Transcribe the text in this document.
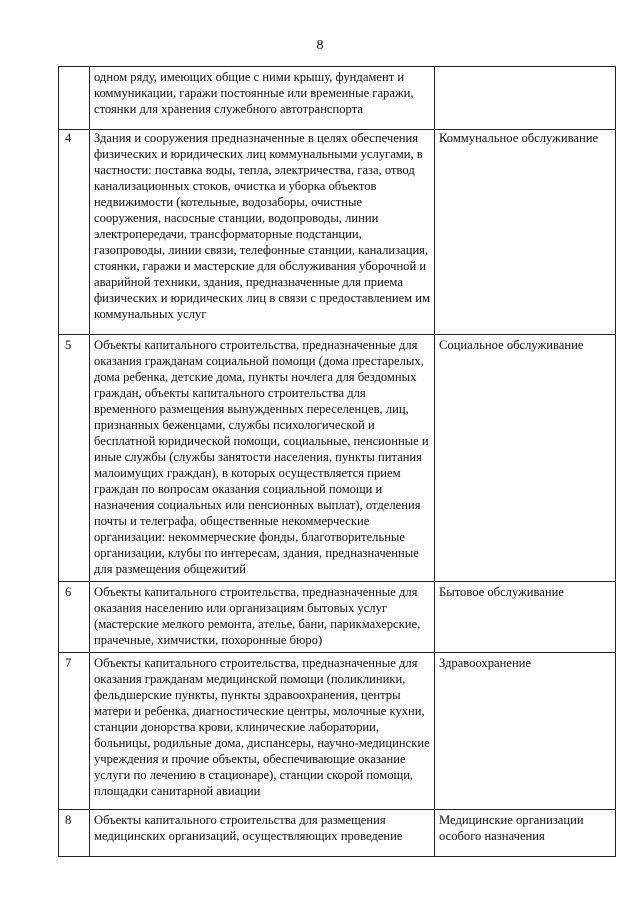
8
	одном ряду, имеющих общие с ними крышу, фундамент и коммуникации, гаражи постоянные или временные гаражи, стоянки для хранения служебного автотранспорта	
4	Здания и сооружения предназначенные в целях обеспечения физических и юридических лиц коммунальными услугами, в частности: поставка воды, тепла, электричества, газа, отвод канализационных стоков, очистка и уборка объектов недвижимости (котельные, водозаборы, очистные сооружения, насосные станции, водопроводы, линии электропередачи, трансформаторные подстанции, газопроводы, линии связи, телефонные станции, канализация, стоянки, гаражи и мастерские для обслуживания уборочной и аварийной техники, здания, предназначенные для приема физических и юридических лиц в связи с предоставлением им коммунальных услуг	Коммунальное обслуживание
5	Объекты капитального строительства, предназначенные для оказания гражданам социальной помощи (дома престарелых, дома ребенка, детские дома, пункты ночлега для бездомных граждан, объекты капитального строительства для временного размещения вынужденных переселенцев, лиц, признанных беженцами, службы психологической и бесплатной юридической помощи, социальные, пенсионные и иные службы (службы занятости населения, пункты питания малоимущих граждан), в которых осуществляется прием граждан по вопросам оказания социальной помощи и назначения социальных или пенсионных выплат), отделения почты и телеграфа, общественные некоммерческие организации: некоммерческие фонды, благотворительные организации, клубы по интересам, здания, предназначенные для размещения общежитий	Социальное обслуживание
6	Объекты капитального строительства, предназначенные для оказания населению или организациям бытовых услуг (мастерские мелкого ремонта, ателье, бани, парикмахерские, прачечные, химчистки, похоронные бюро)	Бытовое обслуживание
7	Объекты капитального строительства, предназначенные для оказания гражданам медицинской помощи (поликлиники, фельдшерские пункты, пункты здравоохранения, центры матери и ребенка, диагностические центры, молочные кухни, станции донорства крови, клинические лаборатории, больницы, родильные дома, диспансеры, научно-медицинские учреждения и прочие объекты, обеспечивающие оказание услуги по лечению в стационаре), станции скорой помощи, площадки санитарной авиации	Здравоохранение
8	Объекты капитального строительства для размещения медицинских организаций, осуществляющих проведение	Медицинские организации особого назначения
